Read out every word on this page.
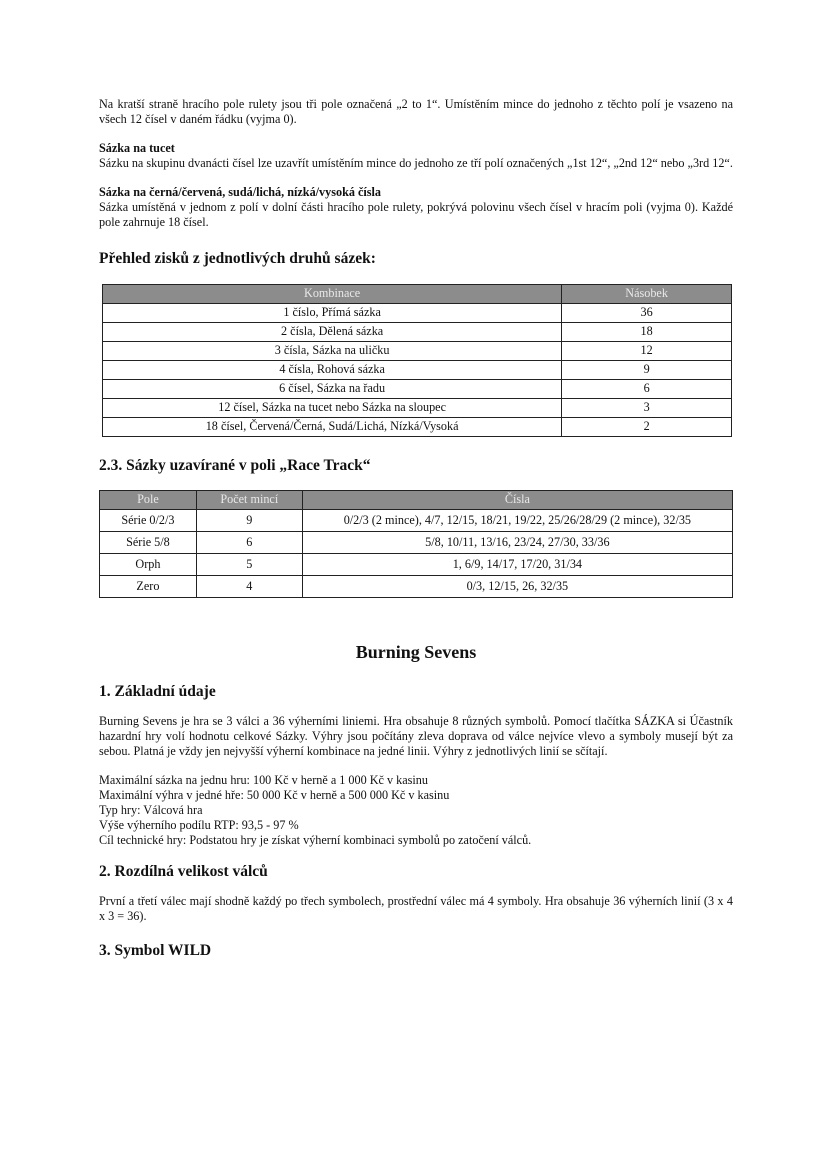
Na kratší straně hracího pole rulety jsou tři pole označená „2 to 1“. Umístěním mince do jednoho z těchto polí je vsazeno na všech 12 čísel v daném řádku (vyjma 0).

Sázka na tucet

Sázku na skupinu dvanácti čísel lze uzavřít umístěním mince do jednoho ze tří polí označených „1st 12“, „2nd 12“ nebo „3rd 12“.

Sázka na černá/červená, sudá/lichá, nízká/vysoká čísla

Sázka umístěná v jednom z polí v dolní části hracího pole rulety, pokrývá polovinu všech čísel v hracím poli (vyjma 0). Každé pole zahrnuje 18 čísel.

Přehled zisků z jednotlivých druhů sázek:
Kombinace	Násobek
1 číslo, Přímá sázka	36
2 čísla, Dělená sázka	18
3 čísla, Sázka na uličku	12
4 čísla, Rohová sázka	9
6 čísel, Sázka na řadu	6
12 čísel, Sázka na tucet nebo Sázka na sloupec	3
18 čísel, Červená/Černá, Sudá/Lichá, Nízká/Vysoká	2
2.3. Sázky uzavírané v poli „Race Track“
Pole	Počet mincí	Čísla
Série 0/2/3	9	0/2/3 (2 mince), 4/7, 12/15, 18/21, 19/22, 25/26/28/29 (2 mince), 32/35
Série 5/8	6	5/8, 10/11, 13/16, 23/24, 27/30, 33/36
Orph	5	1, 6/9, 14/17, 17/20, 31/34
Zero	4	0/3, 12/15, 26, 32/35
Burning Sevens
1. Základní údaje

Burning Sevens je hra se 3 válci a 36 výherními liniemi. Hra obsahuje 8 různých symbolů. Pomocí tlačítka SÁZKA si Účastník hazardní hry volí hodnotu celkové Sázky. Výhry jsou počítány zleva doprava od válce nejvíce vlevo a symboly musejí být za sebou. Platná je vždy jen nejvyšší výherní kombinace na jedné linii. Výhry z jednotlivých linií se sčítají.

Maximální sázka na jednu hru: 100 Kč v herně a 1 000 Kč v kasinu

Maximální výhra v jedné hře: 50 000 Kč v herně a 500 000 Kč v kasinu

Typ hry: Válcová hra

Výše výherního podílu RTP: 93,5 - 97 %

Cíl technické hry: Podstatou hry je získat výherní kombinaci symbolů po zatočení válců.

2. Rozdílná velikost válců

První a třetí válec mají shodně každý po třech symbolech, prostřední válec má 4 symboly. Hra obsahuje 36 výherních linií (3 x 4 x 3 = 36).

3. Symbol WILD
